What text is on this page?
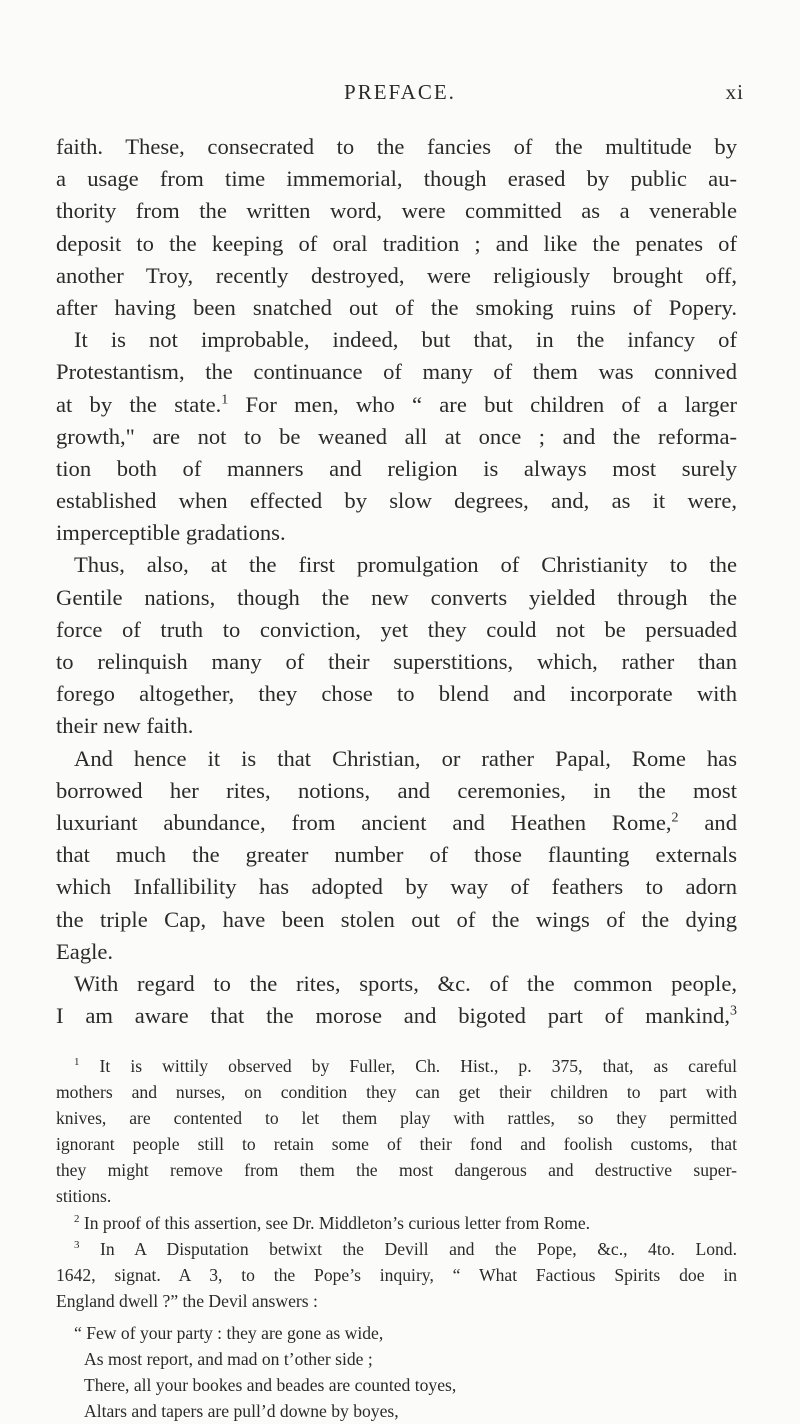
PREFACE.	xi
faith. These, consecrated to the fancies of the multitude by
a usage from time immemorial, though erased by public au-
thority from the written word, were committed as a venerable
deposit to the keeping of oral tradition ; and like the penates of
another Troy, recently destroyed, were religiously brought off,
after having been snatched out of the smoking ruins of Popery.
It is not improbable, indeed, but that, in the infancy of
Protestantism, the continuance of many of them was connived
at by the state.$^1$ For men, who “ are but children of a larger
growth," are not to be weaned all at once ; and the reforma-
tion both of manners and religion is always most surely
established when effected by slow degrees, and, as it were,
imperceptible gradations.
Thus, also, at the first promulgation of Christianity to the
Gentile nations, though the new converts yielded through the
force of truth to conviction, yet they could not be persuaded
to relinquish many of their superstitions, which, rather than
forego altogether, they chose to blend and incorporate with
their new faith.
And hence it is that Christian, or rather Papal, Rome has
borrowed her rites, notions, and ceremonies, in the most
luxuriant abundance, from ancient and Heathen Rome,$^2$ and
that much the greater number of those flaunting externals
which Infallibility has adopted by way of feathers to adorn
the triple Cap, have been stolen out of the wings of the dying
Eagle.
With regard to the rites, sports, &c. of the common people,
I am aware that the morose and bigoted part of mankind,$^3$
$^1$ It is wittily observed by Fuller, Ch. Hist., p. 375, that, as careful
mothers and nurses, on condition they can get their children to part with
knives, are contented to let them play with rattles, so they permitted
ignorant people still to retain some of their fond and foolish customs, that
they might remove from them the most dangerous and destructive super-
stitions.
$^2$ In proof of this assertion, see Dr. Middleton’s curious letter from Rome.
$^3$ In A Disputation betwixt the Devill and the Pope, &c., 4to. Lond.
1642, signat. A 3, to the Pope’s inquiry, “ What Factious Spirits doe in
England dwell ?” the Devil answers :
“ Few of your party : they are gone as wide,
As most report, and mad on t’other side ;
There, all your bookes and beades are counted toyes,
Altars and tapers are pull’d downe by boyes,
